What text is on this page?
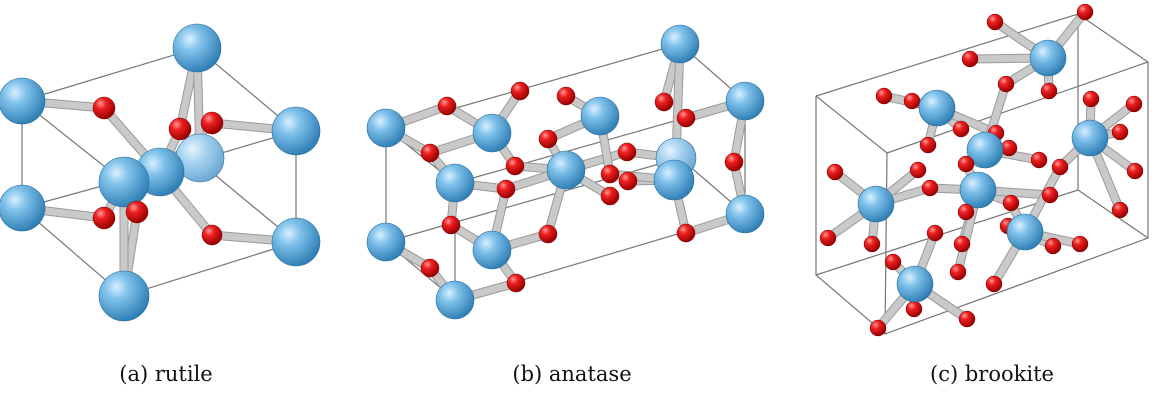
(a) rutile	(b) anatase	(c) brookite
